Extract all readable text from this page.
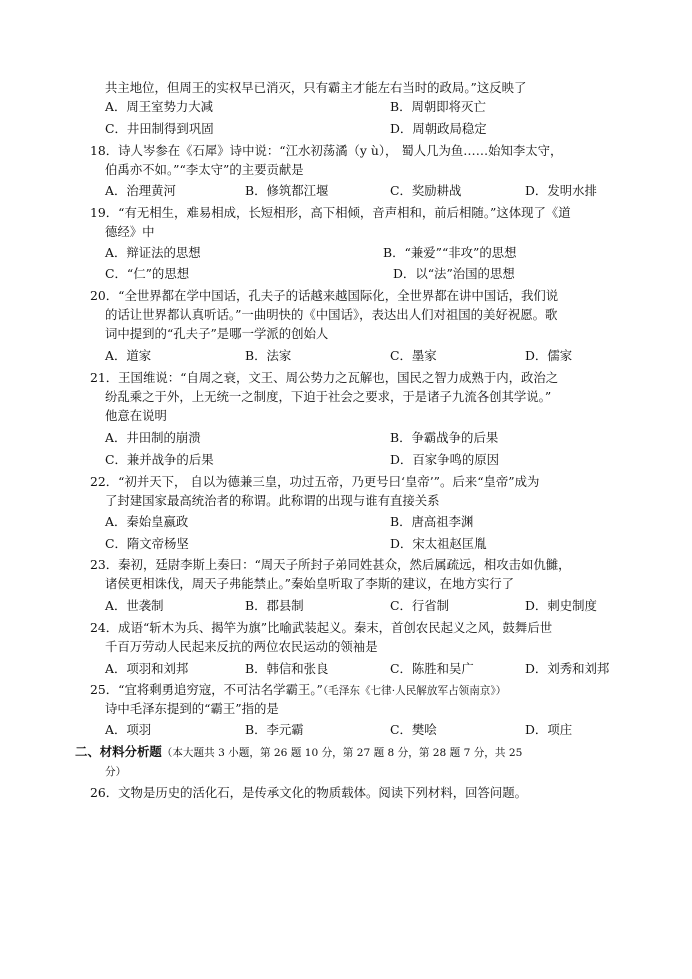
共主地位，但周王的实权早已消灭，只有霸主才能左右当时的政局。”这反映了
A．周王室势力大减	B．周朝即将灭亡
C．井田制得到巩固	D．周朝政局稳定
18．诗人岑参在《石犀》诗中说：“江水初荡潏（y ù）， 蜀人几为鱼……始知李太守，
伯禹亦不如。”“李太守”的主要贡献是
A．治理黄河	B．修筑都江堰	C．奖励耕战	D．发明水排
19．“有无相生，难易相成，长短相形，高下相倾，音声相和，前后相随。”这体现了《道
德经》中
A．辩证法的思想	B．“兼爱”“非攻”的思想
C．“仁”的思想	D．以“法”治国的思想
20．“全世界都在学中国话，孔夫子的话越来越国际化，全世界都在讲中国话，我们说
的话让世界都认真听话。”一曲明快的《中国话》，表达出人们对祖国的美好祝愿。歌
词中提到的“孔夫子”是哪一学派的创始人
A．道家	B．法家	C．墨家	D．儒家
21．王国维说：“自周之衰，文王、周公势力之瓦解也，国民之智力成熟于内，政治之
纷乱乘之于外，上无统一之制度，下迫于社会之要求，于是诸子九流各创其学说。”
他意在说明
A．井田制的崩溃	B．争霸战争的后果
C．兼并战争的后果	D．百家争鸣的原因
22．“初并天下， 自以为德兼三皇，功过五帝，乃更号曰‘皇帝’”。后来“皇帝”成为
了封建国家最高统治者的称谓。此称谓的出现与谁有直接关系
A．秦始皇嬴政	B．唐高祖李渊
C．隋文帝杨坚	D．宋太祖赵匡胤
23．秦初，廷尉李斯上奏曰：“周天子所封子弟同姓甚众，然后属疏远，相攻击如仇雠，
诸侯更相诛伐，周天子弗能禁止。”秦始皇听取了李斯的建议，在地方实行了
A．世袭制	B．郡县制	C．行省制	D．刺史制度
24．成语“斩木为兵、揭竿为旗”比喻武装起义。秦末，首创农民起义之风，鼓舞后世
千百万劳动人民起来反抗的两位农民运动的领袖是
A．项羽和刘邦	B．韩信和张良	C．陈胜和吴广	D．刘秀和刘邦
25．“宜将剩勇追穷寇，不可沽名学霸王。”（毛泽东《七律·人民解放军占领南京》）
诗中毛泽东提到的“霸王”指的是
A．项羽	B．李元霸	C．樊哙	D．项庄
二、材料分析题（本大题共 3 小题，第 26 题 10 分，第 27 题 8 分，第 28 题 7 分，共 25
分）
26．文物是历史的活化石，是传承文化的物质载体。阅读下列材料，回答问题。
